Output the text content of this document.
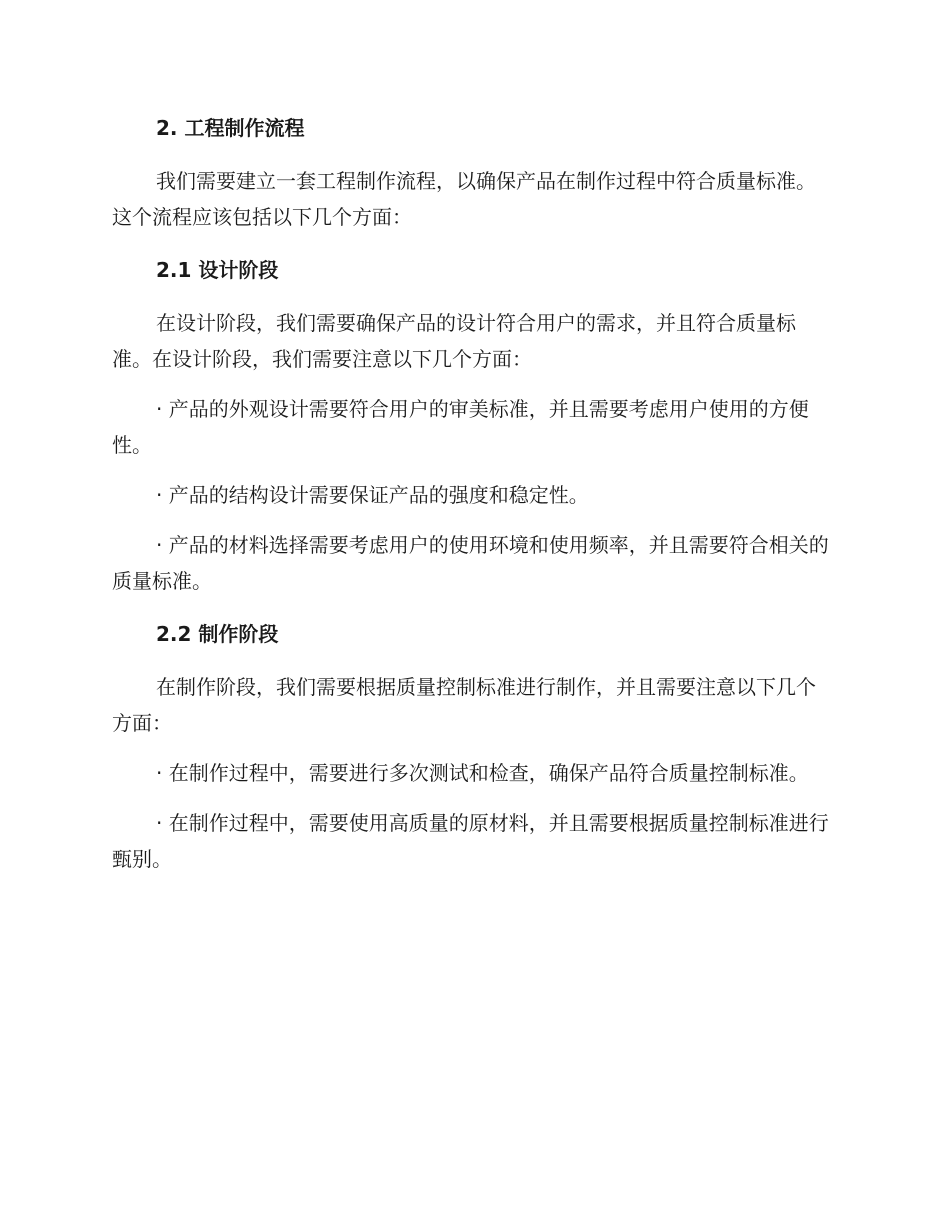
2. 工程制作流程

我们需要建立一套工程制作流程，以确保产品在制作过程中符合质量标准。这个流程应该包括以下几个方面：

2.1 设计阶段

在设计阶段，我们需要确保产品的设计符合用户的需求，并且符合质量标准。在设计阶段，我们需要注意以下几个方面：

· 产品的外观设计需要符合用户的审美标准，并且需要考虑用户使用的方便性。

· 产品的结构设计需要保证产品的强度和稳定性。

· 产品的材料选择需要考虑用户的使用环境和使用频率，并且需要符合相关的质量标准。

2.2 制作阶段

在制作阶段，我们需要根据质量控制标准进行制作，并且需要注意以下几个方面：

· 在制作过程中，需要进行多次测试和检查，确保产品符合质量控制标准。

· 在制作过程中，需要使用高质量的原材料，并且需要根据质量控制标准进行甄别。
